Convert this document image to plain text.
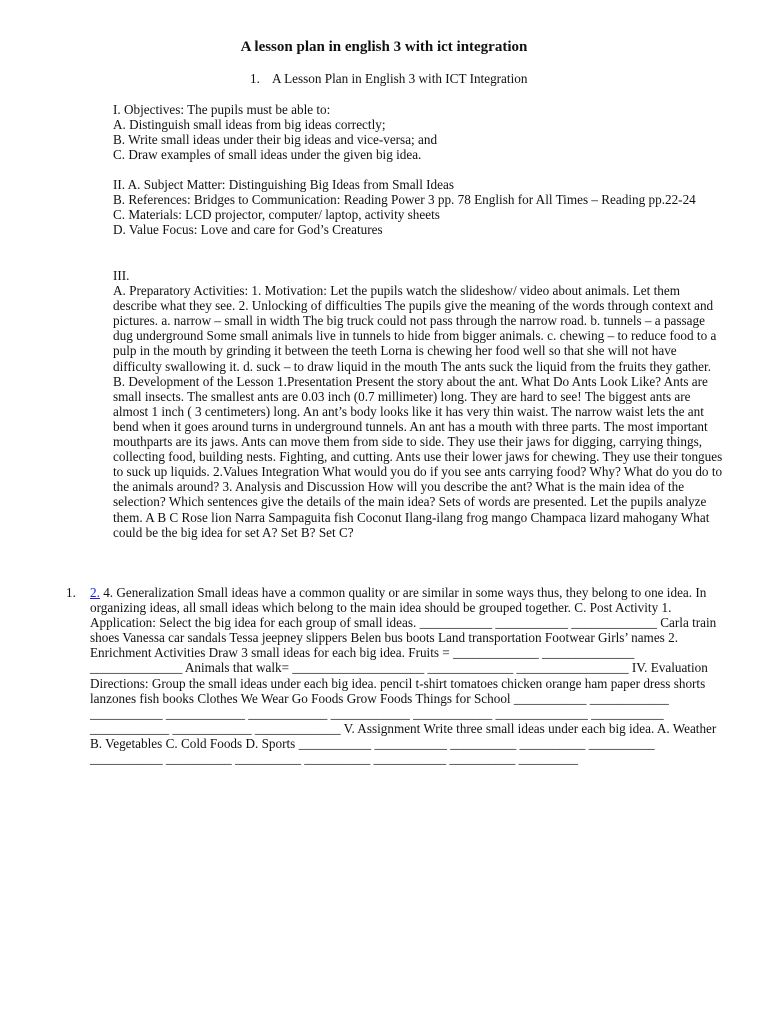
A lesson plan in english 3 with ict integration
1. A Lesson Plan in English 3 with ICT Integration

I. Objectives: The pupils must be able to:

A. Distinguish small ideas from big ideas correctly;

B. Write small ideas under their big ideas and vice-versa; and

C. Draw examples of small ideas under the given big idea.

II. A. Subject Matter: Distinguishing Big Ideas from Small Ideas

B. References: Bridges to Communication: Reading Power 3 pp. 78 English for All Times – Reading pp.22-24

C. Materials: LCD projector, computer/ laptop, activity sheets

D. Value Focus: Love and care for God’s Creatures

III.

A. Preparatory Activities: 1. Motivation: Let the pupils watch the slideshow/ video about animals. Let them describe what they see. 2. Unlocking of difficulties The pupils give the meaning of the words through context and pictures. a. narrow – small in width The big truck could not pass through the narrow road. b. tunnels – a passage dug underground Some small animals live in tunnels to hide from bigger animals. c. chewing – to reduce food to a pulp in the mouth by grinding it between the teeth Lorna is chewing her food well so that she will not have difficulty swallowing it. d. suck – to draw liquid in the mouth The ants suck the liquid from the fruits they gather. B. Development of the Lesson 1.Presentation Present the story about the ant. What Do Ants Look Like? Ants are small insects. The smallest ants are 0.03 inch (0.7 millimeter) long. They are hard to see! The biggest ants are almost 1 inch ( 3 centimeters) long. An ant’s body looks like it has very thin waist. The narrow waist lets the ant bend when it goes around turns in underground tunnels. An ant has a mouth with three parts. The most important mouthparts are its jaws. Ants can move them from side to side. They use their jaws for digging, carrying things, collecting food, building nests. Fighting, and cutting. Ants use their lower jaws for chewing. They use their tongues to suck up liquids. 2.Values Integration What would you do if you see ants carrying food? Why? What do you do to the animals around? 3. Analysis and Discussion How will you describe the ant? What is the main idea of the selection? Which sentences give the details of the main idea? Sets of words are presented. Let the pupils analyze them. A B C Rose lion Narra Sampaguita fish Coconut Ilang-ilang frog mango Champaca lizard mahogany What could be the big idea for set A? Set B? Set C?

1.	2. 4. Generalization Small ideas have a common quality or are similar in some ways thus, they belong to one idea. In organizing ideas, all small ideas which belong to the main idea should be grouped together. C. Post Activity 1. Application: Select the big idea for each group of small ideas. ___________ ___________ _____________ Carla train shoes Vanessa car sandals Tessa jeepney slippers Belen bus boots Land transportation Footwear Girls’ names 2. Enrichment Activities Draw 3 small ideas for each big idea. Fruits = _____________ ______________ ______________ Animals that walk= ____________________ _____________ _________________ IV. Evaluation Directions: Group the small ideas under each big idea. pencil t-shirt tomatoes chicken orange ham paper dress shorts lanzones fish books Clothes We Wear Go Foods Grow Foods Things for School ___________ ____________ ___________ ____________ ____________ ____________ ____________ ______________ ___________ ____________ ____________ _____________ V. Assignment Write three small ideas under each big idea. A. Weather B. Vegetables C. Cold Foods D. Sports ___________ ___________ __________ __________ __________ ___________ __________ __________ __________ ___________ __________ _________
